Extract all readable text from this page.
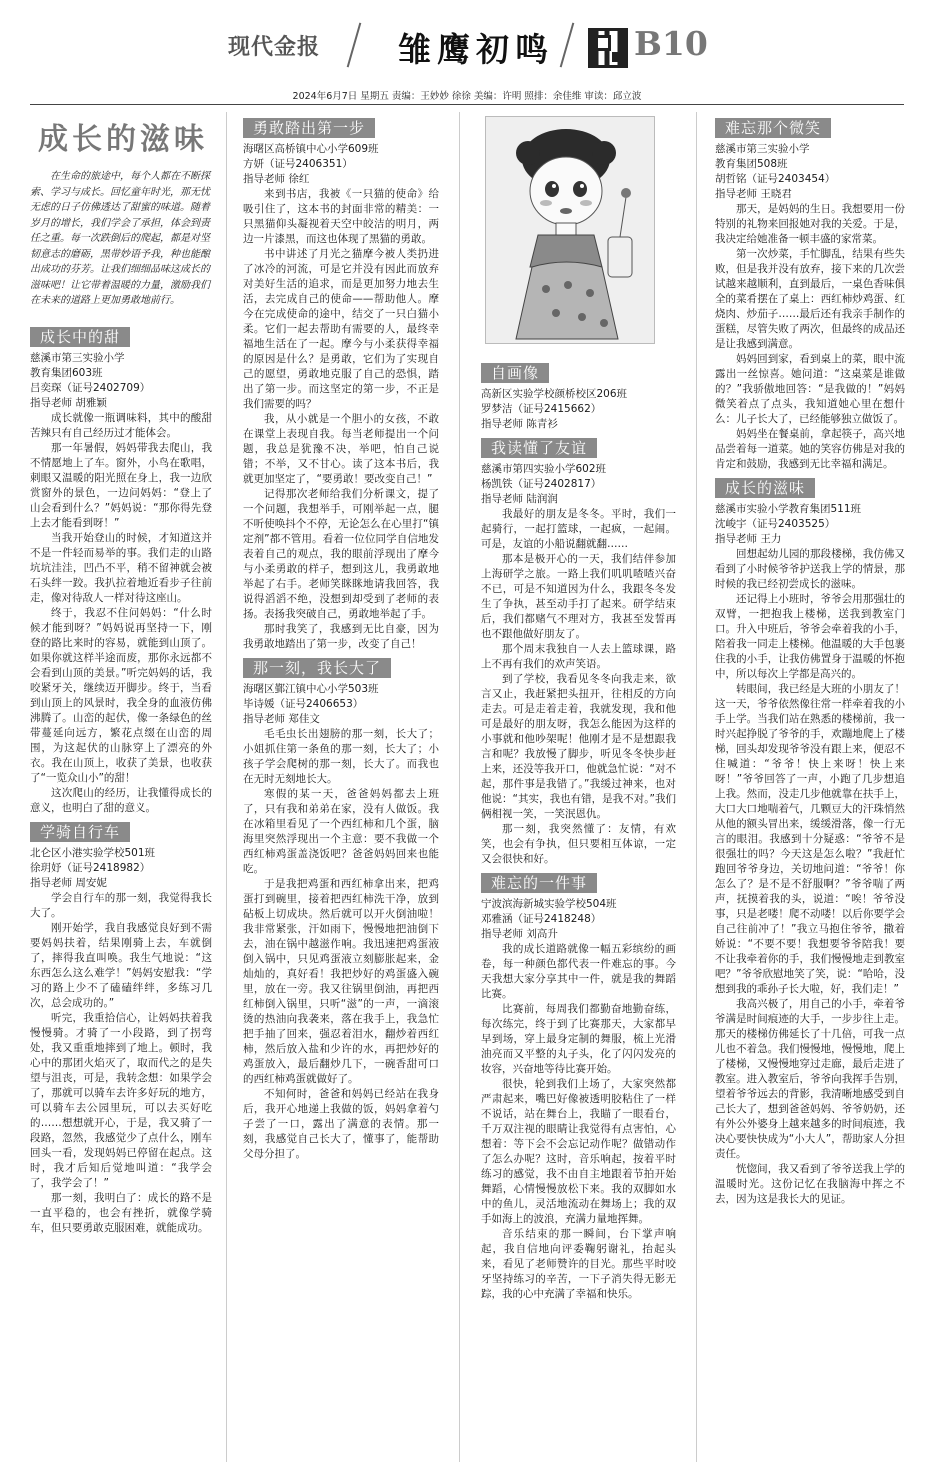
现代金报 雏鹰初鸣 B10
2024年6月7日 星期五 责编：王妙妙 徐徐 美编：许明 照排：余佳维 审读：邱立波
成长的滋味
在生命的旅途中，每个人都在不断探索、学习与成长。回忆童年时光，那无忧无虑的日子仿佛透达了甜蜜的味道。随着岁月的增长，我们学会了承担，体会到责任之重。每一次跌倒后的爬起，都是对坚韧意志的磨砺，黑带妙语予我，种也能酿出成功的芬芳。让我们细细品味这成长的滋味吧！让它带着温暖的力量，激励我们在未来的道路上更加勇敢地前行。
成长中的甜
慈溪市第三实验小学
教育集团603班
吕奕琛（证号2402709）
指导老师 胡雅颖

成长就像一瓶调味料，其中的酸甜苦辣只有自己经历过才能体会。

那一年暑假，妈妈带我去爬山，我不情愿地上了车。窗外，小鸟在歌唱，刺眼又温暖的阳光照在身上，我一边欣赏窗外的景色，一边问妈妈：“登上了山会看到什么？”妈妈说：“那你得先登上去才能看到呀！”

当我开始登山的时候，才知道这并不是一件轻而易举的事。我们走的山路坑坑洼洼，凹凸不平，稍不留神就会被石头绊一跤。我扒拉着地近看步子往前走，像对待敌人一样对待这座山。

终于，我忍不住问妈妈：“什么时候才能到呀？”妈妈说再坚持一下，刚登的路比来时的容易，就能到山顶了。如果你就这样半途而废，那你永远都不会看到山顶的美景。”听完妈妈的话，我咬紧牙关，继续迈开脚步。终于，当看到山顶上的风景时，我全身的血液仿佛沸腾了。山峦的起伏，像一条绿色的丝带蔓延向远方，繁花点缀在山峦的周围，为这起伏的山脉穿上了漂亮的外衣。我在山顶上，收获了美景，也收获了“一览众山小”的甜！

这次爬山的经历，让我懂得成长的意义，也明白了甜的意义。

学骑自行车
北仑区小港实验学校501班
徐玥妤（证号2418982）
指导老师 周安妮

学会自行车的那一刻，我觉得我长大了。

刚开始学，我自我感觉良好到不需要妈妈扶着，结果刚骑上去，车就倒了，摔得我直叫唤。我生气地说：“这东西怎么这么难学！”妈妈安慰我：“学习的路上少不了磕磕绊绊，多练习几次，总会成功的。”

听完，我重拾信心，让妈妈扶着我慢慢骑。才骑了一小段路，到了拐弯处，我又重重地摔到了地上。顿时，我心中的那团火焰灭了，取而代之的是失望与沮丧，可是，我转念想：如果学会了，那就可以骑车去许多好玩的地方，可以骑车去公园里玩，可以去买好吃的……想想就开心，于是，我又骑了一段路，忽然，我感觉少了点什么，刚车回头一看，发现妈妈已停留在起点。这时，我才后知后觉地叫道：“我学会了，我学会了！”

那一刻，我明白了：成长的路不是一直平稳的，也会有挫折，就像学骑车，但只要勇敢克服困难，就能成功。

勇敢踏出第一步
海曙区高桥镇中心小学609班
方妍（证号2406351）
指导老师 徐红

来到书店，我被《一只猫的使命》给吸引住了，这本书的封面非常的精美：一只黑猫仰头凝视着天空中皎洁的明月，两边一片漆黑，而这也体现了黑猫的勇敢。

书中讲述了月光之猫摩今被人类扔进了冰冷的河流，可是它并没有因此而放弃对美好生活的追求，而是更加努力地去生活，去完成自己的使命——帮助他人。摩今在完成使命的途中，结交了一只白猫小柔。它们一起去帮助有需要的人，最终幸福地生活在了一起。摩今与小柔获得幸福的原因是什么？是勇敢，它们为了实现自己的愿望，勇敢地克服了自己的恐惧，踏出了第一步。而这坚定的第一步，不正是我们需要的吗？

我，从小就是一个胆小的女孩，不敢在课堂上表现自我。每当老师提出一个问题，我总是犹豫不决，举吧，怕自己说错；不举，又不甘心。读了这本书后，我就更加坚定了，“要勇敢！要改变自己！”

记得那次老师给我们分析课文，提了一个问题，我想举手，可刚举起一点，腿不听使唤抖个不停，无论怎么在心里打“镇定剂”都不管用。看着一位位同学自信地发表着自己的观点，我的眼前浮现出了摩今与小柔勇敢的样子，想到这儿，我勇敢地举起了右手。老师笑眯眯地请我回答，我说得滔滔不绝，没想到却受到了老师的表扬。表扬我突破自己，勇敢地举起了手。

那时我笑了，我感到无比自豪，因为我勇敢地踏出了第一步，改变了自己！

那一刻，我长大了
海曙区鄞江镇中心小学503班
毕诗媛（证号2406653）
指导老师 郑佳文

毛毛虫长出翅膀的那一刻，长大了；小姐抓住第一条鱼的那一刻，长大了；小孩子学会爬树的那一刻，长大了。而我也在无时无刻地长大。

寒假的某一天，爸爸妈妈都去上班了，只有我和弟弟在家，没有人做饭。我在冰箱里看见了一个西红柿和几个蛋，脑海里突然浮现出一个主意：要不我做一个西红柿鸡蛋盖浇饭吧？爸爸妈妈回来也能吃。

于是我把鸡蛋和西红柿拿出来，把鸡蛋打到碗里，接着把西红柿洗干净，放到砧板上切成块。然后就可以开火倒油啦！我非常紧张，汗如雨下，慢慢地把油倒下去，油在锅中越滋作响。我迅速把鸡蛋液倒入锅中，只见鸡蛋液立刻膨胀起来，金灿灿的，真好看！我把炒好的鸡蛋盛入碗里，放在一旁。我又往锅里倒油，再把西红柿倒入锅里，只听“滋”的一声，一滴滚烫的热油向我袭来，落在我手上，我急忙把手抽了回来，强忍着泪水，翻炒着西红柿，然后放入盐和少许的水，再把炒好的鸡蛋放入，最后翻炒几下，一碗香甜可口的西红柿鸡蛋就做好了。

不知何时，爸爸和妈妈已经站在我身后，我开心地递上我做的饭，妈妈拿着勺子尝了一口，露出了满意的表情。那一刻，我感觉自己长大了，懂事了，能帮助父母分担了。

自画像
高新区实验学校颜桥校区206班
罗梦洁（证号2415662）
指导老师 陈青衫
我读懂了友谊
慈溪市第四实验小学602班
杨凯铁（证号2402817）
指导老师 陆润润

我最好的朋友是冬冬。平时，我们一起骑行，一起打篮球，一起疯，一起闹。可是，友谊的小船说翻就翻……

那本是极开心的一天，我们结伴参加上海研学之旅。一路上我们叽叽喳喳兴奋不已，可是不知道因为什么，我跟冬冬发生了争执，甚至动手打了起来。研学结束后，我们都赌气不理对方，我甚至发誓再也不跟他做好朋友了。

那个周末我独自一人去上篮球课，路上不再有我们的欢声笑语。

到了学校，我看见冬冬向我走来，欲言又止，我赶紧把头扭开，往相反的方向走去。可是走着走着，我就发现，我和他可是最好的朋友呀，我怎么能因为这样的小事就和他吵架呢！他刚才是不是想跟我言和呢？我放慢了脚步，听见冬冬快步赶上来，还没等我开口，他就急忙说：“对不起，那件事是我错了。”我缓过神来，也对他说：“其实，我也有错，是我不对。”我们俩相视一笑，一笑泯恩仇。

那一刻，我突然懂了：友情，有欢笑，也会有争执，但只要相互体谅，一定又会很快和好。

难忘的一件事
宁波滨海新城实验学校504班
邓雅涵（证号2418248）
指导老师 刘高升

我的成长道路就像一幅五彩缤纷的画卷，每一种颜色都代表一件难忘的事。今天我想大家分享其中一件，就是我的舞蹈比赛。

比赛前，每周我们都勤奋地勤奋练，每次练完，终于到了比赛那天，大家都早早到场，穿上最身定制的舞服，梳上光滑油亮而又平整的丸子头，化了闪闪发亮的妆容，兴奋地等待比赛开始。

很快，轮到我们上场了，大家突然都严肃起来，嘴巴好像被透明胶粘住了一样不说话，站在舞台上，我瞄了一眼看台，千万双注视的眼睛让我觉得有点害怕，心想着：等下会不会忘记动作呢？做错动作了怎么办呢？这时，音乐响起，按着平时练习的感觉，我不由自主地跟着节拍开始舞蹈，心情慢慢放松下来。我的双脚如水中的鱼儿，灵活地流动在舞场上；我的双手如海上的波浪，充满力量地挥舞。

音乐结束的那一瞬间，台下掌声响起，我自信地向评委鞠躬谢礼，抬起头来，看见了老师赞许的目光。那些平时咬牙坚持练习的辛苦，一下子消失得无影无踪，我的心中充满了幸福和快乐。

难忘那个微笑
慈溪市第三实验小学
教育集团508班
胡哲铭（证号2403454）
指导老师 王晓君

那天，是妈妈的生日。我想要用一份特别的礼物来回报她对我的关爱。于是，我决定给她准备一顿丰盛的家常菜。

第一次炒菜，手忙脚乱，结果有些失败，但是我并没有放弃，接下来的几次尝试越来越顺利，直到最后，一桌色香味俱全的菜肴摆在了桌上：西红柿炒鸡蛋、红烧肉、炒茄子……最后还有我亲手制作的蛋糕，尽管失败了两次，但最终的成品还是让我感到满意。

妈妈回到家，看到桌上的菜，眼中流露出一丝惊喜。她问道：“这桌菜是谁做的？”我骄傲地回答：“是我做的！”妈妈微笑着点了点头，我知道她心里在想什么：儿子长大了，已经能够独立做饭了。

妈妈坐在餐桌前，拿起筷子，高兴地品尝着每一道菜。她的笑容仿佛是对我的肯定和鼓励，我感到无比幸福和满足。

成长的滋味
慈溪市实验小学教育集团511班
沈峻宇（证号2403525）
指导老师 王力

回想起幼儿园的那段楼梯，我仿佛又看到了小时候爷爷护送我上学的情景，那时候的我已经初尝成长的滋味。

还记得上小班时，爷爷会用那强壮的双臂，一把抱我上楼梯，送我到教室门口。升入中班后，爷爷会牵着我的小手，陪着我一同走上楼梯。他温暖的大手包裹住我的小手，让我仿佛置身于温暖的怀抱中，所以每次上学都是高兴的。

转眼间，我已经是大班的小朋友了！这一天，爷爷依然像往常一样牵着我的小手上学。当我们站在熟悉的楼梯前，我一时兴起挣脱了爷爷的手，欢蹦地爬上了楼梯，回头却发现爷爷没有跟上来，便忍不住喊道：“爷爷！快上来呀！快上来呀！”爷爷回答了一声，小跑了几步想追上我。然而，没走几步他就靠在扶手上，大口大口地喘着气，几颗豆大的汗珠悄然从他的额头冒出来，缓缓滑落，像一行无言的眼泪。我感到十分疑惑：“爷爷不是很强壮的吗？今天这是怎么啦？”我赶忙跑回爷爷身边，关切地问道：“爷爷！你怎么了？是不是不舒服啊？”爷爷喘了两声，抚摸着我的头，说道：“唉！爷爷没事，只是老喽！爬不动喽！以后你要学会自己往前冲了！”我立马抱住爷爷，撒着娇说：“不要不要！我想要爷爷陪我！要不让我牵着你的手，我们慢慢地走到教室吧？”爷爷欣慰地笑了笑，说：“哈哈，没想到我的乖孙子长大啦，好，我们走！”

我高兴极了，用自己的小手，牵着爷爷满是时间痕迹的大手，一步步往上走。那天的楼梯仿佛延长了十几倍，可我一点儿也不着急。我们慢慢地，慢慢地，爬上了楼梯，又慢慢地穿过走廊，最后走进了教室。进入教室后，爷爷向我挥手告别，望着爷爷远去的背影，我清晰地感受到自己长大了，想到爸爸妈妈、爷爷奶奶，还有外公外婆身上越来越多的时间痕迹，我决心要快快成为“小大人”，帮助家人分担责任。

恍惚间，我又看到了爷爷送我上学的温暖时光。这份记忆在我脑海中挥之不去，因为这是我长大的见证。
